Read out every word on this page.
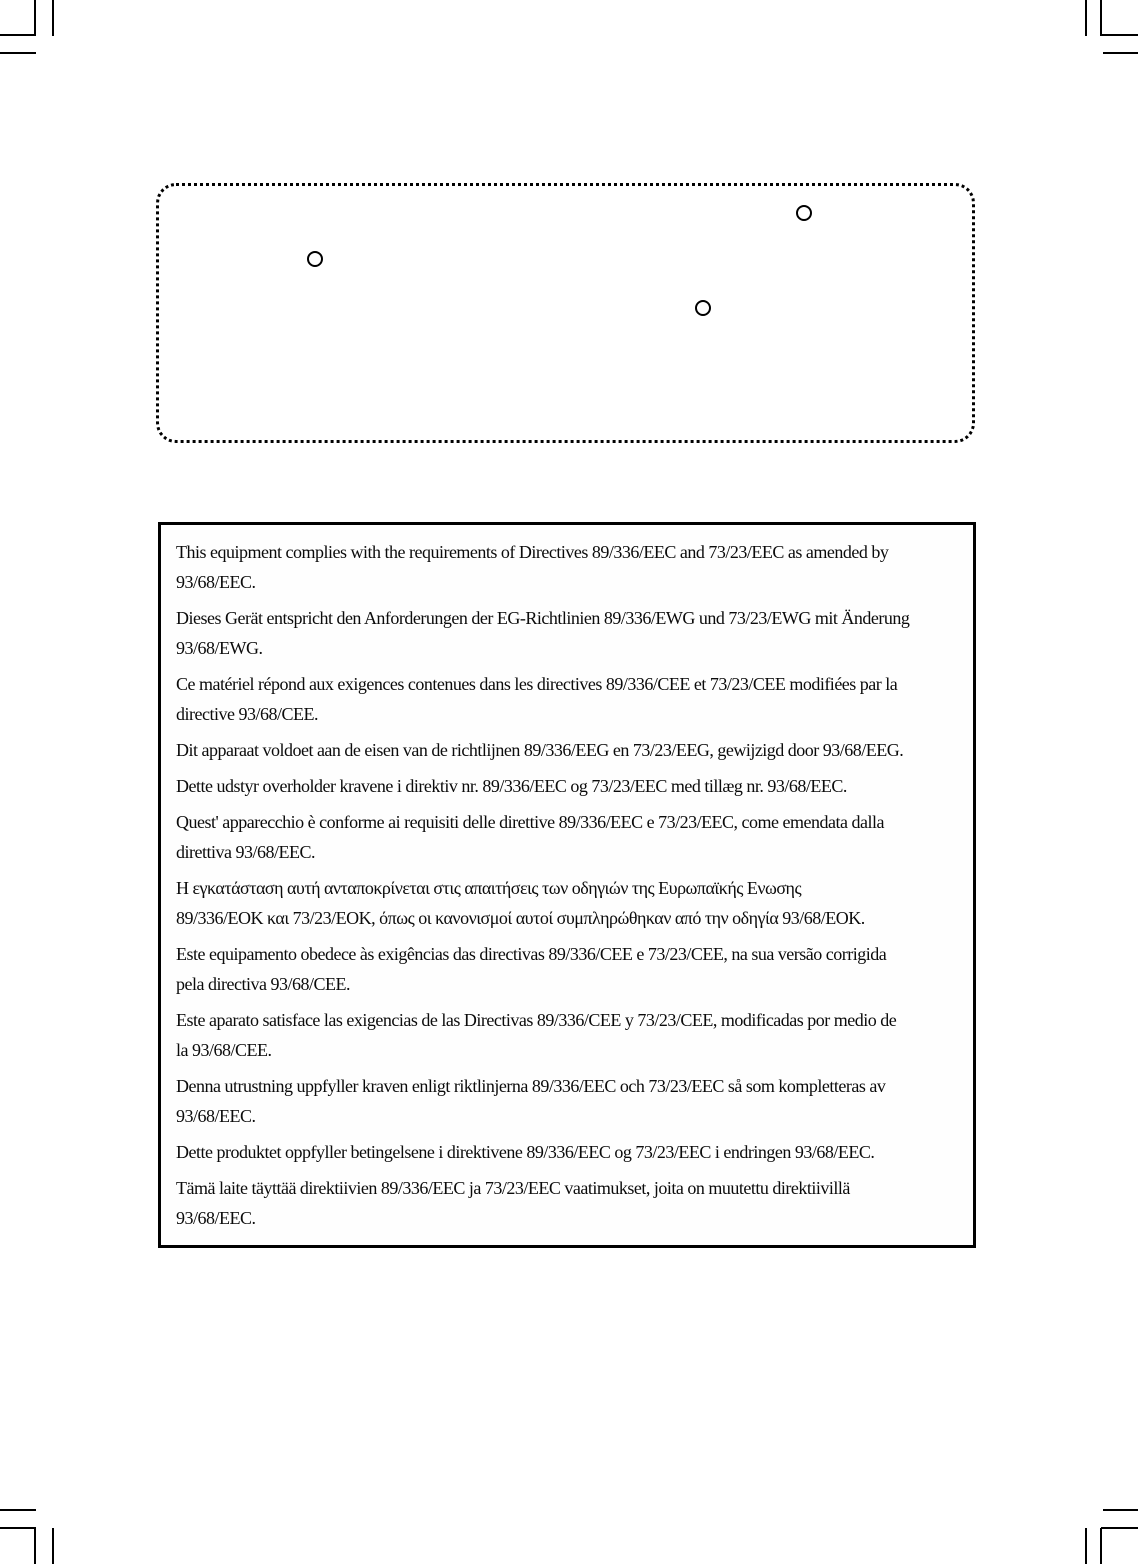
This equipment complies with the requirements of Directives 89/336/EEC and 73/23/EEC as amended by
93/68/EEC.

Dieses Gerät entspricht den Anforderungen der EG-Richtlinien 89/336/EWG und 73/23/EWG mit Änderung
93/68/EWG.

Ce matériel répond aux exigences contenues dans les directives 89/336/CEE et 73/23/CEE modifiées par la
directive 93/68/CEE.

Dit apparaat voldoet aan de eisen van de richtlijnen 89/336/EEG en 73/23/EEG, gewijzigd door 93/68/EEG.

Dette udstyr overholder kravene i direktiv nr. 89/336/EEC og 73/23/EEC med tillæg nr. 93/68/EEC.

Quest' apparecchio è conforme ai requisiti delle direttive 89/336/EEC e 73/23/EEC, come emendata dalla
direttiva 93/68/EEC.

Η εγκατάσταση αυτή ανταποκρίνεται στις απαιτήσεις των οδηγιών της Ευρωπαϊκής Ενωσης
89/336/ΕΟΚ και 73/23/ΕΟΚ, όπως οι κανονισμοί αυτοί συμπληρώθηκαν από την οδηγία 93/68/ΕΟΚ.

Este equipamento obedece às exigências das directivas 89/336/CEE e 73/23/CEE, na sua versão corrigida
pela directiva 93/68/CEE.

Este aparato satisface las exigencias de las Directivas 89/336/CEE y 73/23/CEE, modificadas por medio de
la 93/68/CEE.

Denna utrustning uppfyller kraven enligt riktlinjerna 89/336/EEC och 73/23/EEC så som kompletteras av
93/68/EEC.

Dette produktet oppfyller betingelsene i direktivene 89/336/EEC og 73/23/EEC i endringen 93/68/EEC.

Tämä laite täyttää direktiivien 89/336/EEC ja 73/23/EEC vaatimukset, joita on muutettu direktiivillä
93/68/EEC.
